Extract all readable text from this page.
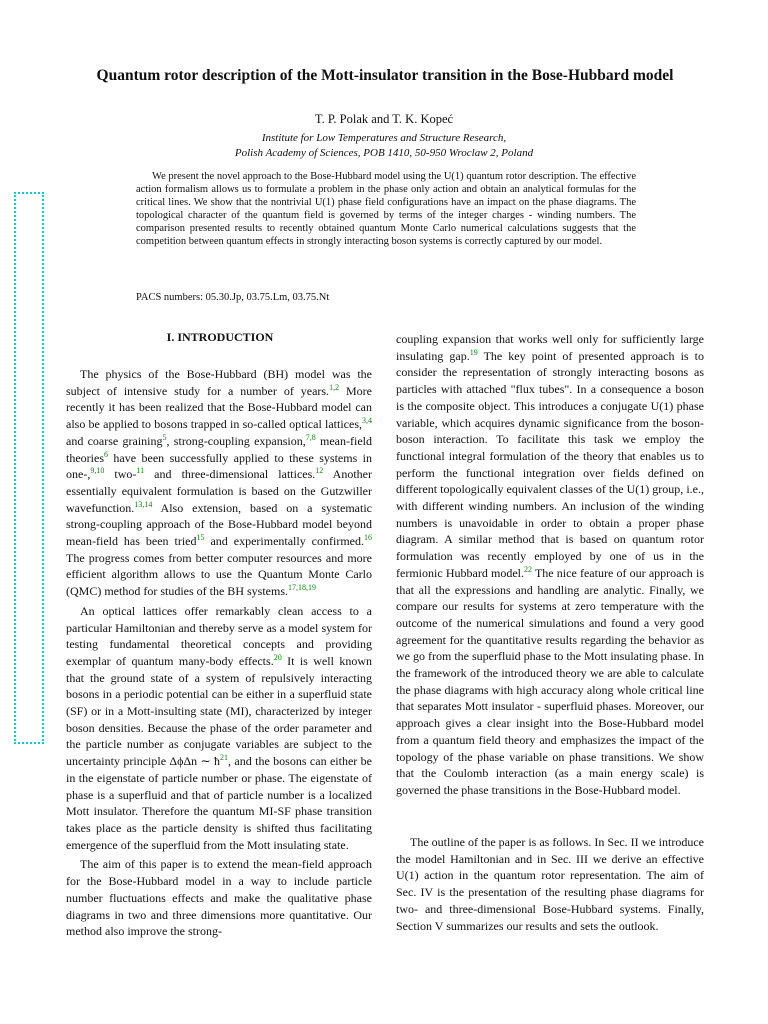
Quantum rotor description of the Mott-insulator transition in the Bose-Hubbard model
T. P. Polak and T. K. Kopeć
Institute for Low Temperatures and Structure Research,
Polish Academy of Sciences, POB 1410, 50-950 Wroclaw 2, Poland

We present the novel approach to the Bose-Hubbard model using the U(1) quantum rotor description. The effective action formalism allows us to formulate a problem in the phase only action and obtain an analytical formulas for the critical lines. We show that the nontrivial U(1) phase field configurations have an impact on the phase diagrams. The topological character of the quantum field is governed by terms of the integer charges - winding numbers. The comparison presented results to recently obtained quantum Monte Carlo numerical calculations suggests that the competition between quantum effects in strongly interacting boson systems is correctly captured by our model.

PACS numbers: 05.30.Jp, 03.75.Lm, 03.75.Nt
I. INTRODUCTION

The physics of the Bose-Hubbard (BH) model was the subject of intensive study for a number of years.$^{1,2}$ More recently it has been realized that the Bose-Hubbard model can also be applied to bosons trapped in so-called optical lattices,$^{3,4}$ and coarse graining$^5$, strong-coupling expansion,$^{7,8}$ mean-field theories$^6$ have been successfully applied to these systems in one-,$^{9,10}$ two-$^{11}$ and three-dimensional lattices.$^{12}$ Another essentially equivalent formulation is based on the Gutzwiller wavefunction.$^{13,14}$ Also extension, based on a systematic strong-coupling approach of the Bose-Hubbard model beyond mean-field has been tried$^{15}$ and experimentally confirmed.$^{16}$ The progress comes from better computer resources and more efficient algorithm allows to use the Quantum Monte Carlo (QMC) method for studies of the BH systems.$^{17,18,19}$

An optical lattices offer remarkably clean access to a particular Hamiltonian and thereby serve as a model system for testing fundamental theoretical concepts and providing exemplar of quantum many-body effects.$^{20}$ It is well known that the ground state of a system of repulsively interacting bosons in a periodic potential can be either in a superfluid state (SF) or in a Mott-insulting state (MI), characterized by integer boson densities. Because the phase of the order parameter and the particle number as conjugate variables are subject to the uncertainty principle ΔϕΔn ∼ ħ$^{21}$, and the bosons can either be in the eigenstate of particle number or phase. The eigenstate of phase is a superfluid and that of particle number is a localized Mott insulator. Therefore the quantum MI-SF phase transition takes place as the particle density is shifted thus facilitating emergence of the superfluid from the Mott insulating state.

The aim of this paper is to extend the mean-field approach for the Bose-Hubbard model in a way to include particle number fluctuations effects and make the qualitative phase diagrams in two and three dimensions more quantitative. Our method also improve the strong-

coupling expansion that works well only for sufficiently large insulating gap.$^{19}$ The key point of presented approach is to consider the representation of strongly interacting bosons as particles with attached "flux tubes". In a consequence a boson is the composite object. This introduces a conjugate U(1) phase variable, which acquires dynamic significance from the boson-boson interaction. To facilitate this task we employ the functional integral formulation of the theory that enables us to perform the functional integration over fields defined on different topologically equivalent classes of the U(1) group, i.e., with different winding numbers. An inclusion of the winding numbers is unavoidable in order to obtain a proper phase diagram. A similar method that is based on quantum rotor formulation was recently employed by one of us in the fermionic Hubbard model.$^{22}$ The nice feature of our approach is that all the expressions and handling are analytic. Finally, we compare our results for systems at zero temperature with the outcome of the numerical simulations and found a very good agreement for the quantitative results regarding the behavior as we go from the superfluid phase to the Mott insulating phase. In the framework of the introduced theory we are able to calculate the phase diagrams with high accuracy along whole critical line that separates Mott insulator - superfluid phases. Moreover, our approach gives a clear insight into the Bose-Hubbard model from a quantum field theory and emphasizes the impact of the topology of the phase variable on phase transitions. We show that the Coulomb interaction (as a main energy scale) is governed the phase transitions in the Bose-Hubbard model.

The outline of the paper is as follows. In Sec. II we introduce the model Hamiltonian and in Sec. III we derive an effective U(1) action in the quantum rotor representation. The aim of Sec. IV is the presentation of the resulting phase diagrams for two- and three-dimensional Bose-Hubbard systems. Finally, Section V summarizes our results and sets the outlook.
